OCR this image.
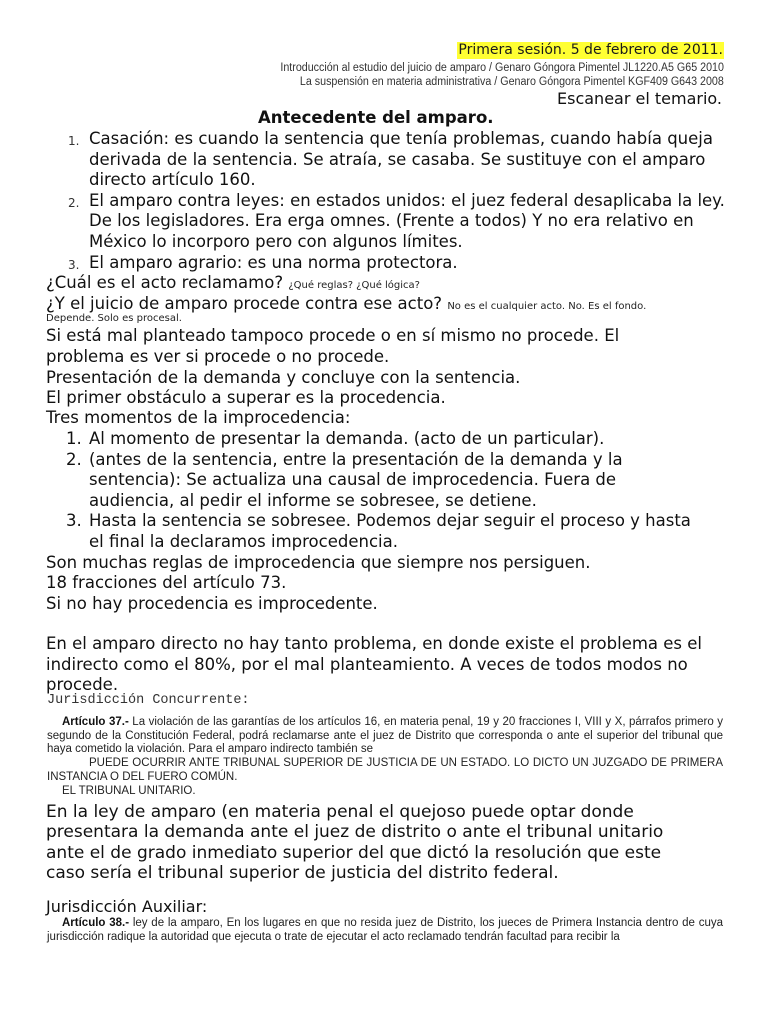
Primera sesión. 5 de febrero de 2011.
Introducción al estudio del juicio de amparo / Genaro Góngora Pimentel JL1220.A5 G65 2010
La suspensión en materia administrativa / Genaro Góngora Pimentel KGF409 G643 2008
Escanear el temario.
Antecedente del amparo.
1. Casación: es cuando la sentencia que tenía problemas, cuando había queja derivada de la sentencia. Se atraía, se casaba. Se sustituye con el amparo directo artículo 160.
2. El amparo contra leyes: en estados unidos: el juez federal desaplicaba la ley. De los legisladores. Era erga omnes. (Frente a todos) Y no era relativo en México lo incorporo pero con algunos límites.
3. El amparo agrario: es una norma protectora.
¿Cuál es el acto reclamamo? ¿Qué reglas? ¿Qué lógica?
¿Y el juicio de amparo procede contra ese acto? No es el cualquier acto. No. Es el fondo.
Depende. Solo es procesal.
Si está mal planteado tampoco procede o en sí mismo no procede. El problema es ver si procede o no procede.
Presentación de la demanda y concluye con la sentencia.
El primer obstáculo a superar es la procedencia.
Tres momentos de la improcedencia:
1. Al momento de presentar la demanda. (acto de un particular).
2. (antes de la sentencia, entre la presentación de la demanda y la sentencia): Se actualiza una causal de improcedencia. Fuera de audiencia, al pedir el informe se sobresee, se detiene.
3. Hasta la sentencia se sobresee. Podemos dejar seguir el proceso y hasta el final la declaramos improcedencia.
Son muchas reglas de improcedencia que siempre nos persiguen.
18 fracciones del artículo 73.
Si no hay procedencia es improcedente.
En el amparo directo no hay tanto problema, en donde existe el problema es el indirecto como el 80%, por el mal planteamiento. A veces de todos modos no procede.
Jurisdicción Concurrente:
Artículo 37.- La violación de las garantías de los artículos 16, en materia penal, 19 y 20 fracciones I, VIII y X, párrafos primero y segundo de la Constitución Federal, podrá reclamarse ante el juez de Distrito que corresponda o ante el superior del tribunal que haya cometido la violación. Para el amparo indirecto también se
PUEDE OCURRIR ANTE TRIBUNAL SUPERIOR DE JUSTICIA DE UN ESTADO. LO DICTO UN JUZGADO DE PRIMERA INSTANCIA O DEL FUERO COMÚN.
EL TRIBUNAL UNITARIO.
En la ley de amparo (en materia penal el quejoso puede optar donde presentara la demanda ante el juez de distrito o ante el tribunal unitario ante el de grado inmediato superior del que dictó la resolución que este caso sería el tribunal superior de justicia del distrito federal.
Jurisdicción Auxiliar:
Artículo 38.- ley de la amparo, En los lugares en que no resida juez de Distrito, los jueces de Primera Instancia dentro de cuya jurisdicción radique la autoridad que ejecuta o trate de ejecutar el acto reclamado tendrán facultad para recibir la
